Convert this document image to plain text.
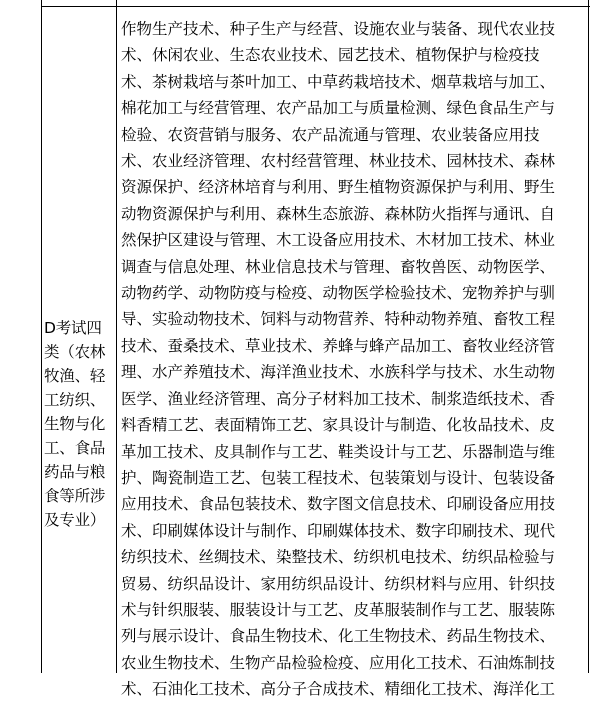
D考试四
类（农林
牧渔、轻
工纺织、
生物与化
工、食品
药品与粮
食等所涉
及专业）
作物生产技术、种子生产与经营、设施农业与装备、现代农业技
术、休闲农业、生态农业技术、园艺技术、植物保护与检疫技
术、茶树栽培与茶叶加工、中草药栽培技术、烟草栽培与加工、
棉花加工与经营管理、农产品加工与质量检测、绿色食品生产与
检验、农资营销与服务、农产品流通与管理、农业装备应用技
术、农业经济管理、农村经营管理、林业技术、园林技术、森林
资源保护、经济林培育与利用、野生植物资源保护与利用、野生
动物资源保护与利用、森林生态旅游、森林防火指挥与通讯、自
然保护区建设与管理、木工设备应用技术、木材加工技术、林业
调查与信息处理、林业信息技术与管理、畜牧兽医、动物医学、
动物药学、动物防疫与检疫、动物医学检验技术、宠物养护与驯
导、实验动物技术、饲料与动物营养、特种动物养殖、畜牧工程
技术、蚕桑技术、草业技术、养蜂与蜂产品加工、畜牧业经济管
理、水产养殖技术、海洋渔业技术、水族科学与技术、水生动物
医学、渔业经济管理、高分子材料加工技术、制浆造纸技术、香
料香精工艺、表面精饰工艺、家具设计与制造、化妆品技术、皮
革加工技术、皮具制作与工艺、鞋类设计与工艺、乐器制造与维
护、陶瓷制造工艺、包装工程技术、包装策划与设计、包装设备
应用技术、食品包装技术、数字图文信息技术、印刷设备应用技
术、印刷媒体设计与制作、印刷媒体技术、数字印刷技术、现代
纺织技术、丝绸技术、染整技术、纺织机电技术、纺织品检验与
贸易、纺织品设计、家用纺织品设计、纺织材料与应用、针织技
术与针织服装、服装设计与工艺、皮革服装制作与工艺、服装陈
列与展示设计、食品生物技术、化工生物技术、药品生物技术、
农业生物技术、生物产品检验检疫、应用化工技术、石油炼制技
术、石油化工技术、高分子合成技术、精细化工技术、海洋化工
